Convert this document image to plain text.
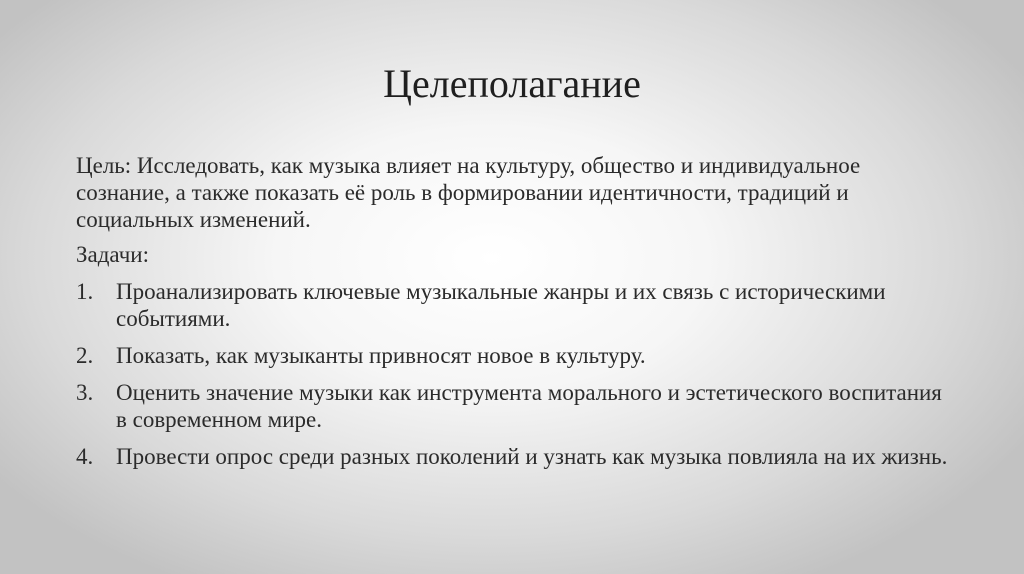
Целеполагание

Цель: Исследовать, как музыка влияет на культуру, общество и индивидуальное сознание, а также показать её роль в формировании идентичности, традиций и социальных изменений.

Задачи:

1. Проанализировать ключевые музыкальные жанры и их связь с историческими событиями.
2. Показать, как музыканты привносят новое в культуру.
3. Оценить значение музыки как инструмента морального и эстетического воспитания в современном мире.
4. Провести опрос среди разных поколений и узнать как музыка повлияла на их жизнь.
